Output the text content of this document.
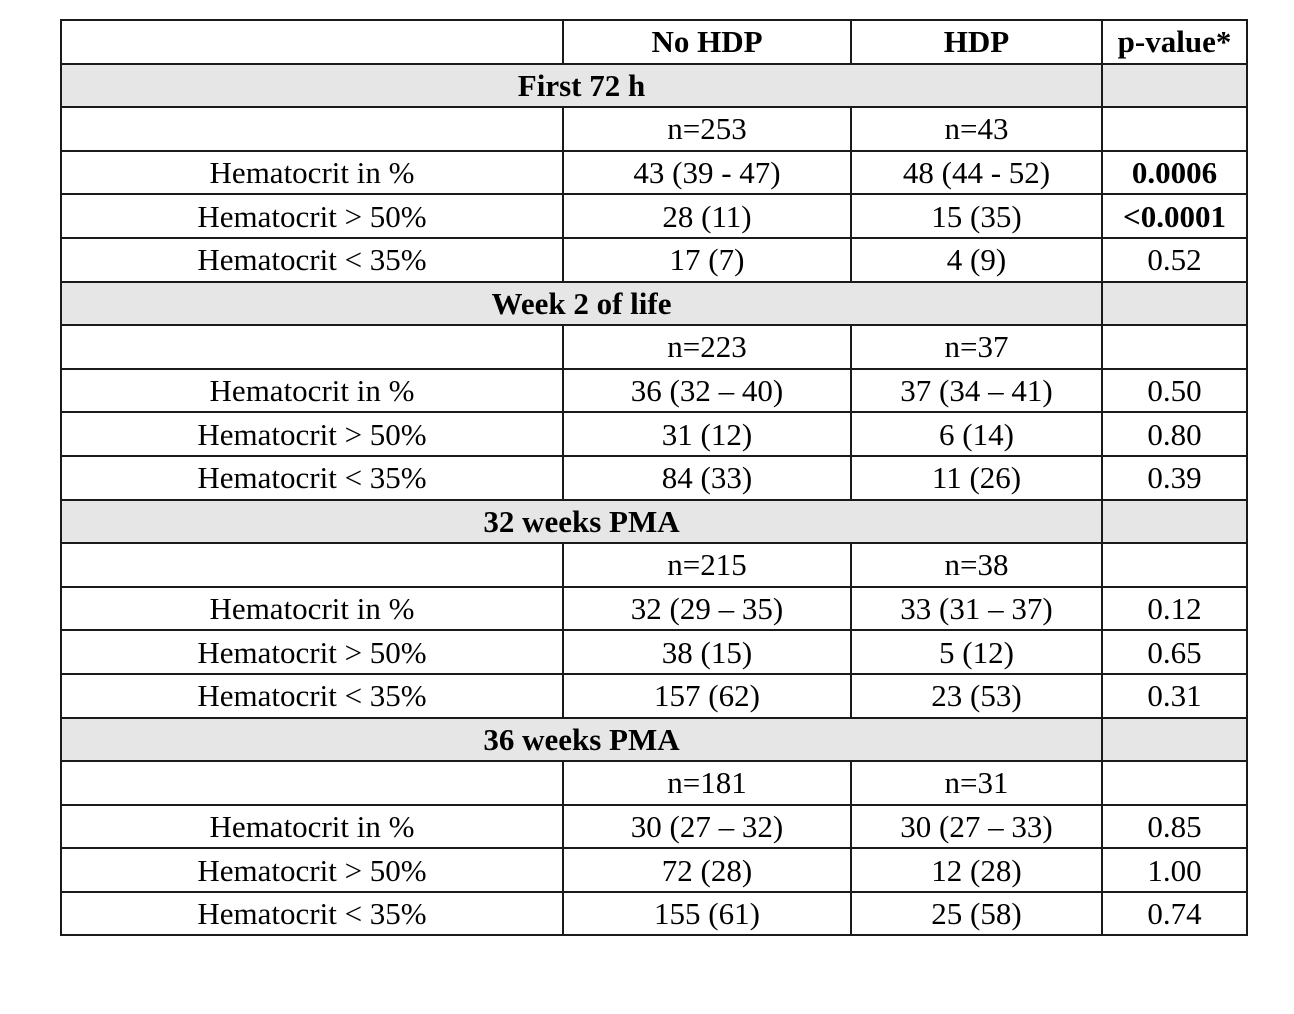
	No HDP	HDP	p-value*
First 72 h			
	n=253	n=43	
Hematocrit in %	43 (39 - 47)	48 (44 - 52)	0.0006
Hematocrit > 50%	28 (11)	15 (35)	<0.0001
Hematocrit < 35%	17 (7)	4 (9)	0.52
Week 2 of life			
	n=223	n=37	
Hematocrit in %	36 (32 – 40)	37 (34 – 41)	0.50
Hematocrit > 50%	31 (12)	6 (14)	0.80
Hematocrit < 35%	84 (33)	11 (26)	0.39
32 weeks PMA			
	n=215	n=38	
Hematocrit in %	32 (29 – 35)	33 (31 – 37)	0.12
Hematocrit > 50%	38 (15)	5 (12)	0.65
Hematocrit < 35%	157 (62)	23 (53)	0.31
36 weeks PMA			
	n=181	n=31	
Hematocrit in %	30 (27 – 32)	30 (27 – 33)	0.85
Hematocrit > 50%	72 (28)	12 (28)	1.00
Hematocrit < 35%	155 (61)	25 (58)	0.74
